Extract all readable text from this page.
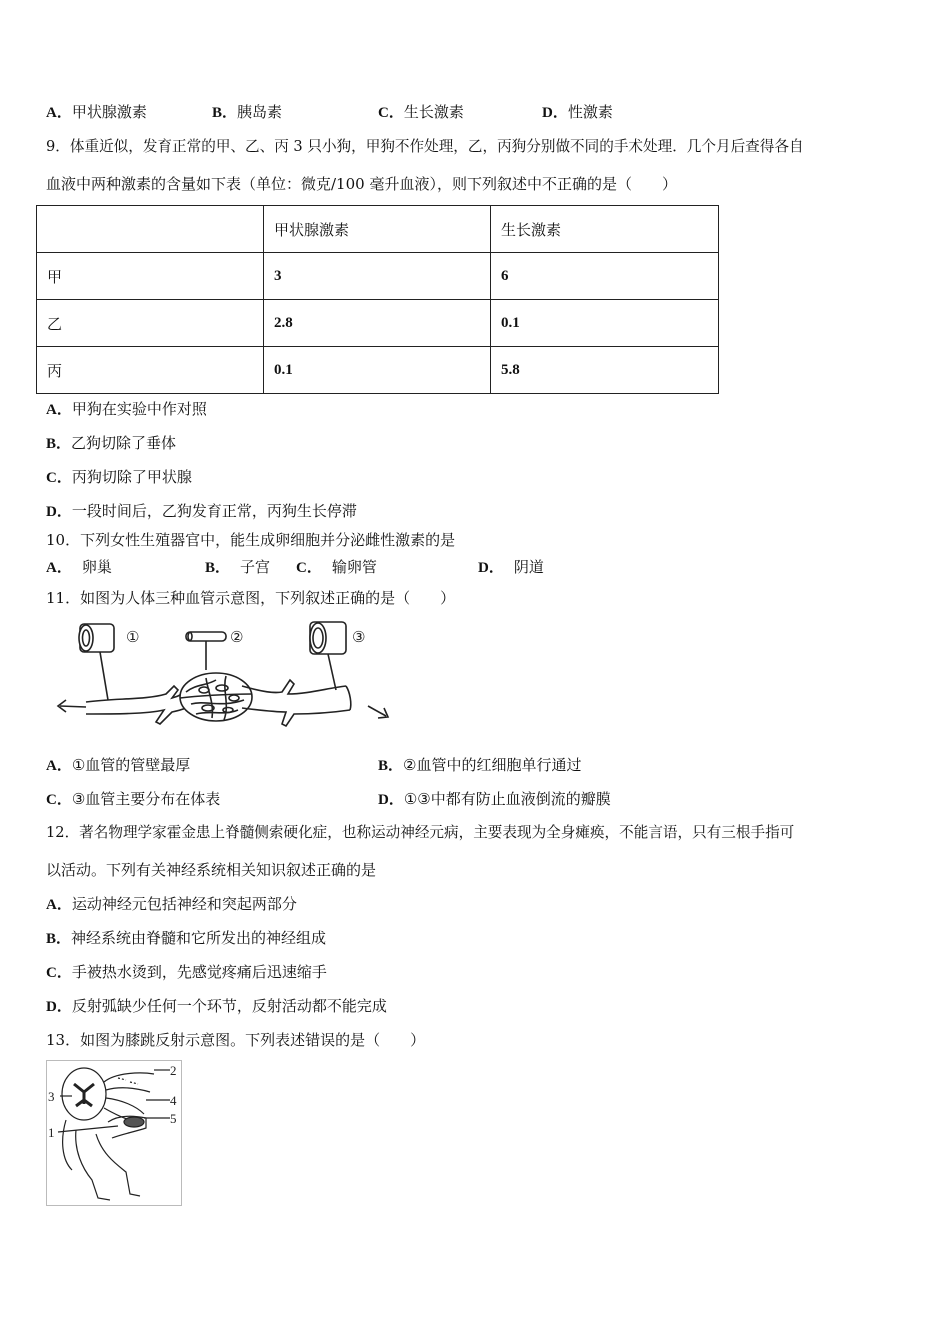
A．甲状腺激素	B．胰岛素	C．生长激素	D．性激素
9．体重近似，发育正常的甲、乙、丙 3 只小狗，甲狗不作处理，乙，丙狗分别做不同的手术处理．几个月后查得各自
血液中两种激素的含量如下表（单位：微克/100 毫升血液），则下列叙述中不正确的是（　　）
	甲状腺激素	生长激素
甲	3	6
乙	2.8	0.1
丙	0.1	5.8
A．甲狗在实验中作对照
B．乙狗切除了垂体
C．丙狗切除了甲状腺
D．一段时间后，乙狗发育正常，丙狗生长停滞
10．下列女性生殖器官中，能生成卵细胞并分泌雌性激素的是
A． 卵巢	B． 子宫 C． 输卵管	D． 阴道
11．如图为人体三种血管示意图，下列叙述正确的是（　　）
①	②	③
A．①血管的管壁最厚	B．②血管中的红细胞单行通过
C．③血管主要分布在体表	D．①③中都有防止血液倒流的瓣膜
12．著名物理学家霍金患上脊髓侧索硬化症，也称运动神经元病，主要表现为全身瘫痪，不能言语，只有三根手指可
以活动。下列有关神经系统相关知识叙述正确的是
A．运动神经元包括神经和突起两部分
B．神经系统由脊髓和它所发出的神经组成
C．手被热水烫到，先感觉疼痛后迅速缩手
D．反射弧缺少任何一个环节，反射活动都不能完成
13．如图为膝跳反射示意图。下列表述错误的是（　　）
2
3	4
5
1
